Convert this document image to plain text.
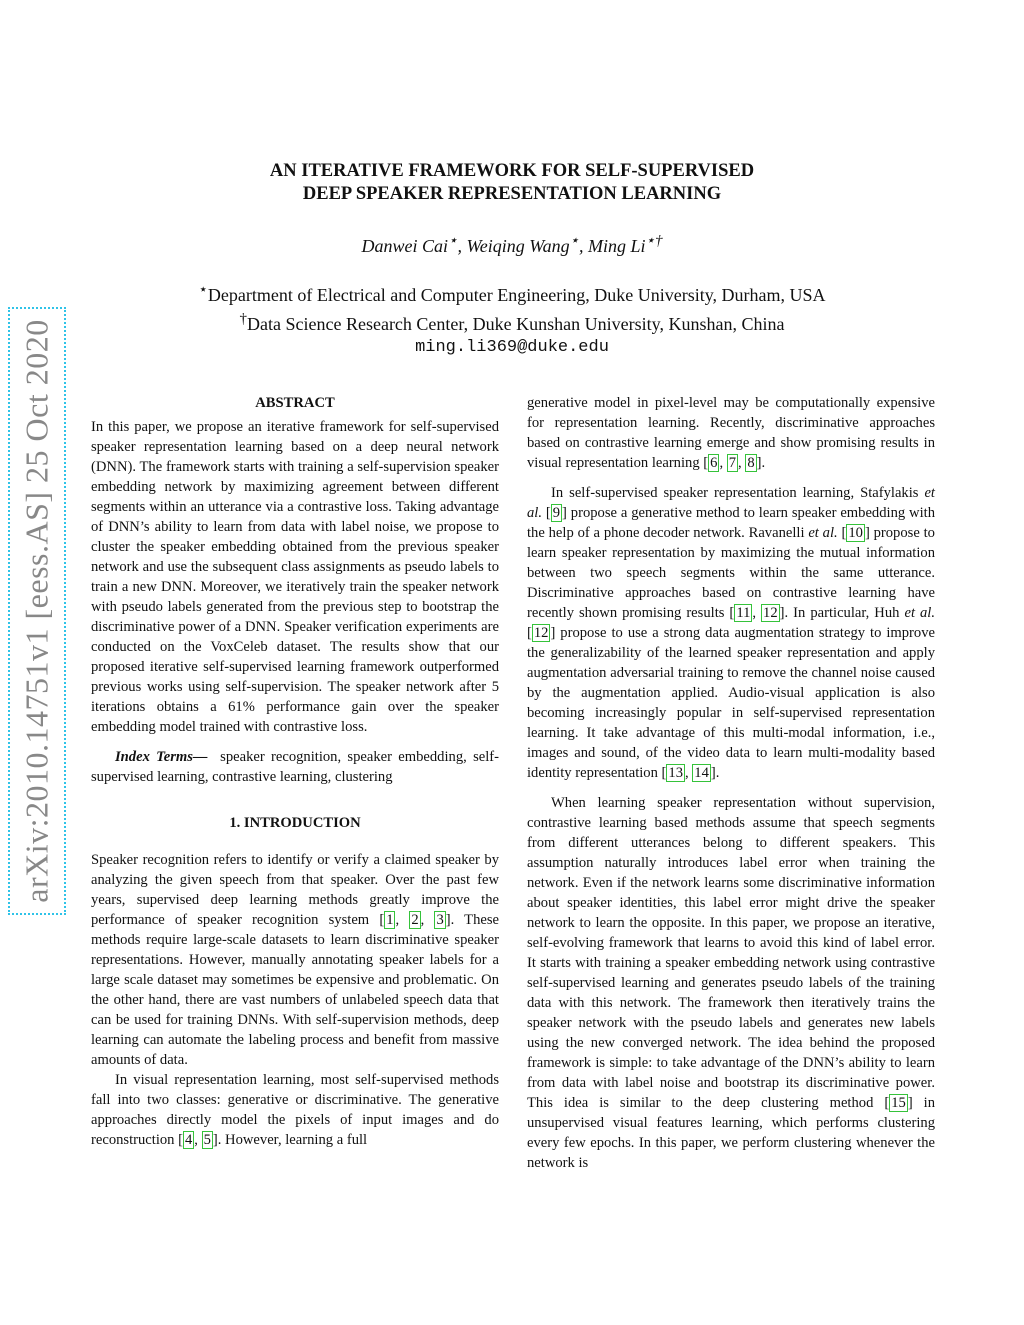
arXiv:2010.14751v1 [eess.AS] 25 Oct 2020
AN ITERATIVE FRAMEWORK FOR SELF-SUPERVISED
DEEP SPEAKER REPRESENTATION LEARNING
Danwei Cai⋆, Weiqing Wang⋆, Ming Li⋆†
⋆Department of Electrical and Computer Engineering, Duke University, Durham, USA
†Data Science Research Center, Duke Kunshan University, Kunshan, China
ming.li369@duke.edu
ABSTRACT

In this paper, we propose an iterative framework for self-supervised speaker representation learning based on a deep neural network (DNN). The framework starts with training a self-supervision speaker embedding network by maximizing agreement between different segments within an utterance via a contrastive loss. Taking advantage of DNN’s ability to learn from data with label noise, we propose to cluster the speaker embedding obtained from the previous speaker network and use the subsequent class assignments as pseudo labels to train a new DNN. Moreover, we iteratively train the speaker network with pseudo labels generated from the previous step to bootstrap the discriminative power of a DNN. Speaker verification experiments are conducted on the VoxCeleb dataset. The results show that our proposed iterative self-supervised learning framework outperformed previous works using self-supervision. The speaker network after 5 iterations obtains a 61% performance gain over the speaker embedding model trained with contrastive loss.

Index Terms— speaker recognition, speaker embedding, self-supervised learning, contrastive learning, clustering

1. INTRODUCTION

Speaker recognition refers to identify or verify a claimed speaker by analyzing the given speech from that speaker. Over the past few years, supervised deep learning methods greatly improve the performance of speaker recognition system [ 1 , 2 , 3 ]. These methods require large-scale datasets to learn discriminative speaker representations. However, manually annotating speaker labels for a large scale dataset may sometimes be expensive and problematic. On the other hand, there are vast numbers of unlabeled speech data that can be used for training DNNs. With self-supervision methods, deep learning can automate the labeling process and benefit from massive amounts of data.

In visual representation learning, most self-supervised methods fall into two classes: generative or discriminative. The generative approaches directly model the pixels of input images and do reconstruction [ 4 , 5 ]. However, learning a full

generative model in pixel-level may be computationally expensive for representation learning. Recently, discriminative approaches based on contrastive learning emerge and show promising results in visual representation learning [ 6 , 7 , 8 ].

In self-supervised speaker representation learning, Stafylakis et al. [ 9 ] propose a generative method to learn speaker embedding with the help of a phone decoder network. Ravanelli et al. [ 10 ] propose to learn speaker representation by maximizing the mutual information between two speech segments within the same utterance. Discriminative approaches based on contrastive learning have recently shown promising results [ 11 , 12 ]. In particular, Huh et al. [ 12 ] propose to use a strong data augmentation strategy to improve the generalizability of the learned speaker representation and apply augmentation adversarial training to remove the channel noise caused by the augmentation applied. Audio-visual application is also becoming increasingly popular in self-supervised representation learning. It take advantage of this multi-modal information, i.e., images and sound, of the video data to learn multi-modality based identity representation [ 13 , 14 ].

When learning speaker representation without supervision, contrastive learning based methods assume that speech segments from different utterances belong to different speakers. This assumption naturally introduces label error when training the network. Even if the network learns some discriminative information about speaker identities, this label error might drive the speaker network to learn the opposite. In this paper, we propose an iterative, self-evolving framework that learns to avoid this kind of label error. It starts with training a speaker embedding network using contrastive self-supervised learning and generates pseudo labels of the training data with this network. The framework then iteratively trains the speaker network with the pseudo labels and generates new labels using the new converged network. The idea behind the proposed framework is simple: to take advantage of the DNN’s ability to learn from data with label noise and bootstrap its discriminative power. This idea is similar to the deep clustering method [ 15 ] in unsupervised visual features learning, which performs clustering every few epochs. In this paper, we perform clustering whenever the network is
